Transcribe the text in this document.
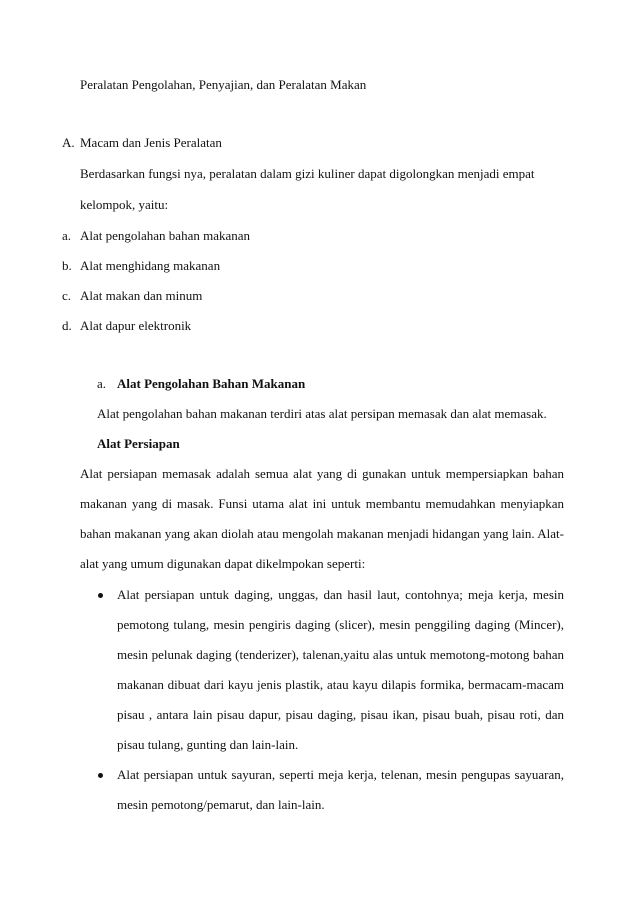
Peralatan Pengolahan, Penyajian, dan Peralatan Makan
A. Macam dan Jenis Peralatan
Berdasarkan fungsi nya, peralatan dalam gizi kuliner dapat digolongkan menjadi empat
kelompok, yaitu:
a. Alat pengolahan bahan makanan
b. Alat menghidang makanan
c. Alat makan dan minum
d. Alat dapur elektronik
a. Alat Pengolahan Bahan Makanan
Alat pengolahan bahan makanan terdiri atas alat persipan memasak dan alat memasak.
Alat Persiapan
Alat persiapan memasak adalah semua alat yang di gunakan untuk mempersiapkan bahan
makanan yang di masak. Funsi utama alat ini untuk membantu memudahkan menyiapkan
bahan makanan yang akan diolah atau mengolah makanan menjadi hidangan yang lain. Alat-
alat yang umum digunakan dapat dikelmpokan seperti:
Alat persiapan untuk daging, unggas, dan hasil laut, contohnya; meja kerja, mesin
pemotong tulang, mesin pengiris daging (slicer), mesin penggiling daging (Mincer),
mesin pelunak daging (tenderizer), talenan,yaitu alas untuk memotong-motong bahan
makanan dibuat dari kayu jenis plastik, atau kayu dilapis formika, bermacam-macam
pisau , antara lain pisau dapur, pisau daging, pisau ikan, pisau buah, pisau roti, dan
pisau tulang, gunting dan lain-lain.
Alat persiapan untuk sayuran, seperti meja kerja, telenan, mesin pengupas sayuaran,
mesin pemotong/pemarut, dan lain-lain.
